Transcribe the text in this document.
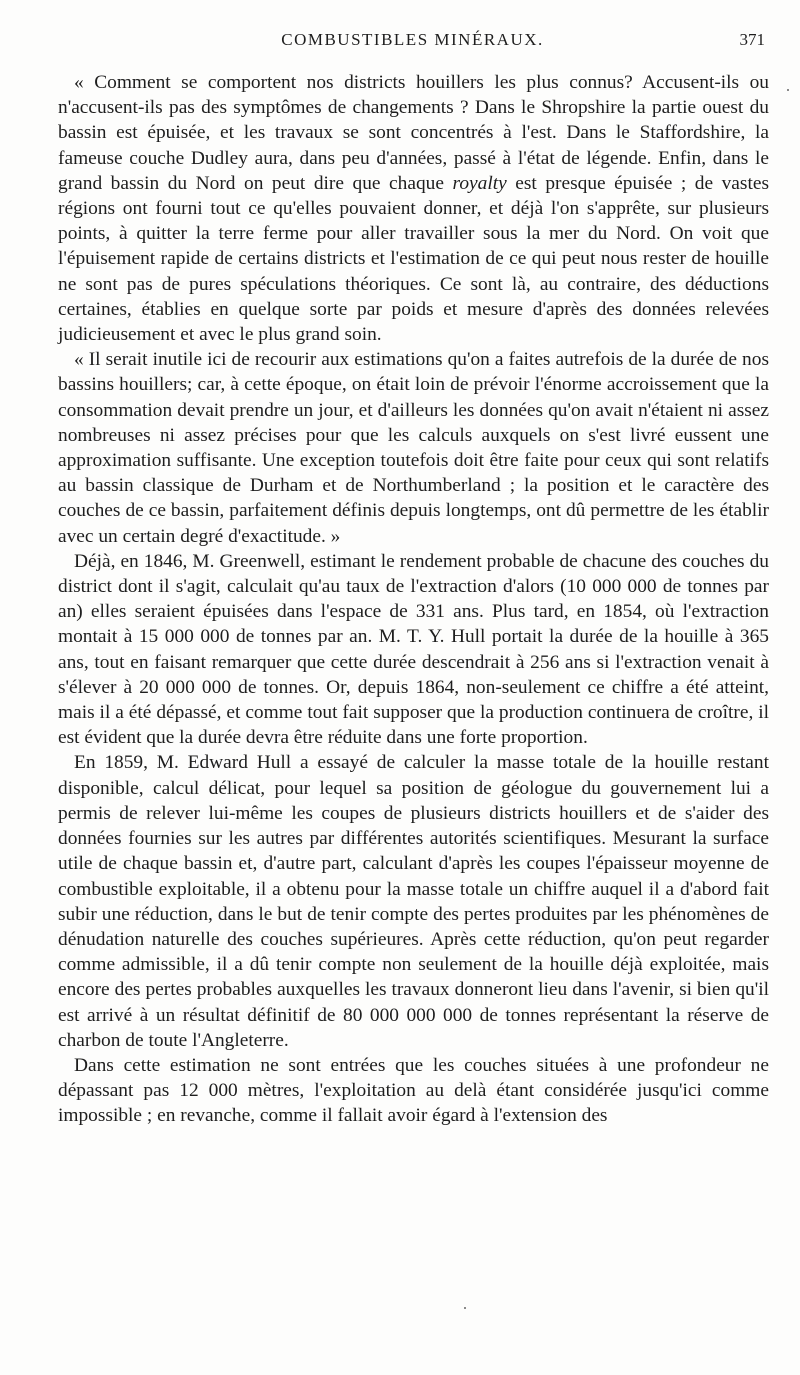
COMBUSTIBLES MINÉRAUX.	371

« Comment se comportent nos districts houillers les plus connus? Accusent-ils ou n'accusent-ils pas des symptômes de changements ? Dans le Shropshire la partie ouest du bassin est épuisée, et les travaux se sont concentrés à l'est. Dans le Staffordshire, la fameuse couche Dudley aura, dans peu d'années, passé à l'état de légende. Enfin, dans le grand bassin du Nord on peut dire que chaque royalty est presque épuisée ; de vastes régions ont fourni tout ce qu'elles pouvaient donner, et déjà l'on s'apprête, sur plusieurs points, à quitter la terre ferme pour aller travailler sous la mer du Nord. On voit que l'épuisement rapide de certains districts et l'estimation de ce qui peut nous rester de houille ne sont pas de pures spéculations théoriques. Ce sont là, au contraire, des déductions certaines, établies en quelque sorte par poids et mesure d'après des données relevées judicieusement et avec le plus grand soin.

« Il serait inutile ici de recourir aux estimations qu'on a faites autrefois de la durée de nos bassins houillers; car, à cette époque, on était loin de prévoir l'énorme accroissement que la consommation devait prendre un jour, et d'ailleurs les données qu'on avait n'étaient ni assez nombreuses ni assez précises pour que les calculs auxquels on s'est livré eussent une approximation suffisante. Une exception toutefois doit être faite pour ceux qui sont relatifs au bassin classique de Durham et de Northumberland ; la position et le caractère des couches de ce bassin, parfaitement définis depuis longtemps, ont dû permettre de les établir avec un certain degré d'exactitude. »

Déjà, en 1846, M. Greenwell, estimant le rendement probable de chacune des couches du district dont il s'agit, calculait qu'au taux de l'extraction d'alors (10 000 000 de tonnes par an) elles seraient épuisées dans l'espace de 331 ans. Plus tard, en 1854, où l'extraction montait à 15 000 000 de tonnes par an. M. T. Y. Hull portait la durée de la houille à 365 ans, tout en faisant remarquer que cette durée descendrait à 256 ans si l'extraction venait à s'élever à 20 000 000 de tonnes. Or, depuis 1864, non-seulement ce chiffre a été atteint, mais il a été dépassé, et comme tout fait supposer que la production continuera de croître, il est évident que la durée devra être réduite dans une forte proportion.

En 1859, M. Edward Hull a essayé de calculer la masse totale de la houille restant disponible, calcul délicat, pour lequel sa position de géologue du gouvernement lui a permis de relever lui-même les coupes de plusieurs districts houillers et de s'aider des données fournies sur les autres par différentes autorités scientifiques. Mesurant la surface utile de chaque bassin et, d'autre part, calculant d'après les coupes l'épaisseur moyenne de combustible exploitable, il a obtenu pour la masse totale un chiffre auquel il a d'abord fait subir une réduction, dans le but de tenir compte des pertes produites par les phénomènes de dénudation naturelle des couches supérieures. Après cette réduction, qu'on peut regarder comme admissible, il a dû tenir compte non seulement de la houille déjà exploitée, mais encore des pertes probables auxquelles les travaux donneront lieu dans l'avenir, si bien qu'il est arrivé à un résultat définitif de 80 000 000 000 de tonnes représentant la réserve de charbon de toute l'Angleterre.

Dans cette estimation ne sont entrées que les couches situées à une profondeur ne dépassant pas 12 000 mètres, l'exploitation au delà étant considérée jusqu'ici comme impossible ; en revanche, comme il fallait avoir égard à l'extension des
